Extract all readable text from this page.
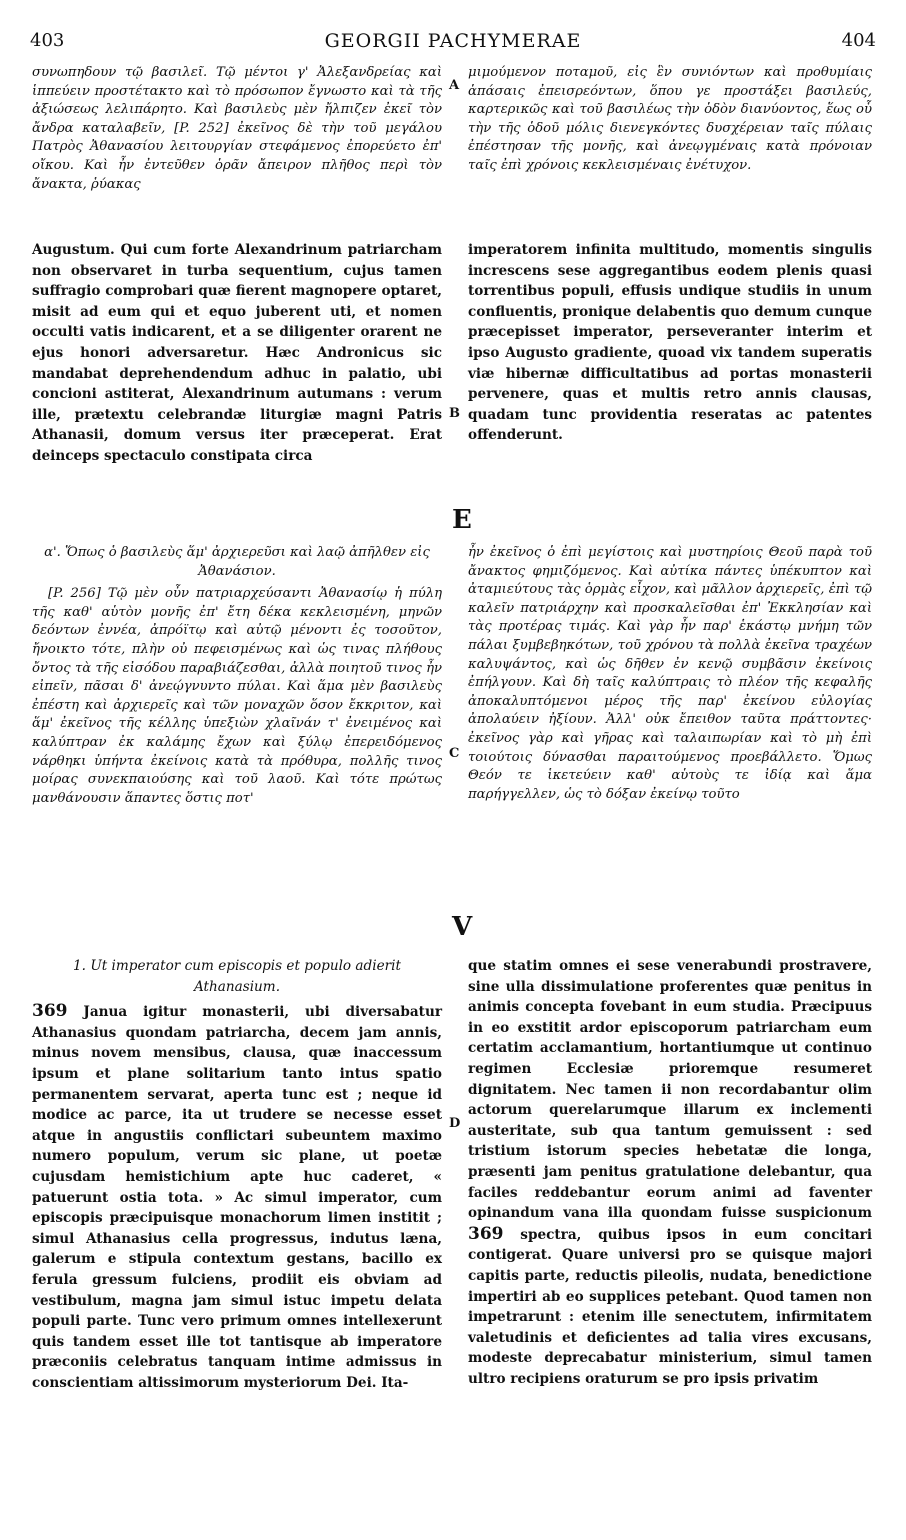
403	GEORGII PACHYMERAE	404

συνωπηδουν τῷ βασιλεῖ. Τῷ μέντοι γ' Ἀλεξανδρείας καὶ ἱππεύειν προστέτακτο καὶ τὸ πρόσωπον ἔγνωστο καὶ τὰ τῆς ἀξιώσεως λελιπάρητο. Καὶ βασιλεὺς μὲν ἤλπιζεν ἐκεῖ τὸν ἄνδρα καταλαβεῖν, [P. 252] ἐκεῖνος δὲ τὴν τοῦ μεγάλου Πατρὸς Ἀθανασίου λειτουργίαν στεφάμενος ἐπορεύετο ἐπ' οἴκου. Καὶ ἦν ἐντεῦθεν ὁρᾶν ἄπειρον πλῆθος περὶ τὸν ἄνακτα, ῥύακας

A

μιμούμενον ποταμοῦ, εἰς ἓν συνιόντων καὶ προθυμίαις ἁπάσαις ἐπεισρεόντων, ὅπου γε προστάξει βασιλεύς, καρτερικῶς καὶ τοῦ βασιλέως τὴν ὁδὸν διανύοντος, ἕως οὗ τὴν τῆς ὁδοῦ μόλις διενεγκόντες δυσχέρειαν ταῖς πύλαις ἐπέστησαν τῆς μονῆς, καὶ ἀνεῳγμέναις κατὰ πρόνοιαν ταῖς ἐπὶ χρόνοις κεκλεισμέναις ἐνέτυχον.

Augustum. Qui cum forte Alexandrinum patriarcham non observaret in turba sequentium, cujus tamen suffragio comprobari quæ fierent magnopere optaret, misit ad eum qui et equo juberent uti, et nomen occulti vatis indicarent, et a se diligenter orarent ne ejus honori adversaretur. Hæc Andronicus sic mandabat deprehendendum adhuc in palatio, ubi concioni astiterat, Alexandrinum autumans : verum ille, prætextu celebrandæ liturgiæ magni Patris Athanasii, domum versus iter præceperat. Erat deinceps spectaculo constipata circa

B

imperatorem infinita multitudo, momentis singulis increscens sese aggregantibus eodem plenis quasi torrentibus populi, effusis undique studiis in unum confluentis, pronique delabentis quo demum cunque præcepisset imperator, perseveranter interim et ipso Augusto gradiente, quoad vix tandem superatis viæ hibernæ difficultatibus ad portas monasterii pervenere, quas et multis retro annis clausas, quadam tunc providentia reseratas ac patentes offenderunt.

E

α'. Ὅπως ὁ βασιλεὺς ἅμ' ἀρχιερεῦσι καὶ λαῷ ἀπῆλθεν εἰς Ἀθανάσιον.

[P. 256] Τῷ μὲν οὖν πατριαρχεύσαντι Ἀθανασίῳ ἡ πύλη τῆς καθ' αὑτὸν μονῆς ἐπ' ἔτη δέκα κεκλεισμένη, μηνῶν δεόντων ἐννέα, ἀπρόϊτῳ καὶ αὐτῷ μένοντι ἐς τοσοῦτον, ἤνοικτο τότε, πλὴν οὐ πεφεισμένως καὶ ὡς τινας πλήθους ὄντος τὰ τῆς εἰσόδου παραβιάζεσθαι, ἀλλὰ ποιητοῦ τινος ἦν εἰπεῖν, πᾶσαι δ' ἀνεῴγνυντο πύλαι. Καὶ ἅμα μὲν βασιλεὺς ἐπέστη καὶ ἀρχιερεῖς καὶ τῶν μοναχῶν ὅσον ἔκκριτον, καὶ ἅμ' ἐκεῖνος τῆς κέλλης ὑπεξιὼν χλαῖνάν τ' ἐνειμένος καὶ καλύπτραν ἐκ καλάμης ἔχων καὶ ξύλῳ ἐπερειδόμενος νάρθηκι ὑπήντα ἐκείνοις κατὰ τὰ πρόθυρα, πολλῆς τινος μοίρας συνεκπαιούσης καὶ τοῦ λαοῦ. Καὶ τότε πρώτως μανθάνουσιν ἅπαντες ὅστις ποτ'

C

ἦν ἐκεῖνος ὁ ἐπὶ μεγίστοις καὶ μυστηρίοις Θεοῦ παρὰ τοῦ ἄνακτος φημιζόμενος. Καὶ αὐτίκα πάντες ὑπέκυπτον καὶ ἀταμιεύτους τὰς ὁρμὰς εἶχον, καὶ μᾶλλον ἀρχιερεῖς, ἐπὶ τῷ καλεῖν πατριάρχην καὶ προσκαλεῖσθαι ἐπ' Ἐκκλησίαν καὶ τὰς προτέρας τιμάς. Καὶ γὰρ ἦν παρ' ἑκάστῳ μνήμη τῶν πάλαι ξυμβεβηκότων, τοῦ χρόνου τὰ πολλὰ ἐκεῖνα τραχέων καλυψάντος, καὶ ὡς δῆθεν ἐν κενῷ συμβᾶσιν ἐκείνοις ἐπήλγουν. Καὶ δὴ ταῖς καλύπτραις τὸ πλέον τῆς κεφαλῆς ἀποκαλυπτόμενοι μέρος τῆς παρ' ἐκείνου εὐλογίας ἀπολαύειν ἠξίουν. Ἀλλ' οὐκ ἔπειθον ταῦτα πράττοντες· ἐκεῖνος γὰρ καὶ γῆρας καὶ ταλαιπωρίαν καὶ τὸ μὴ ἐπὶ τοιούτοις δύνασθαι παραιτούμενος προεβάλλετο. Ὅμως Θεόν τε ἱκετεύειν καθ' αὑτοὺς τε ἰδίᾳ καὶ ἅμα παρήγγελλεν, ὡς τὸ δόξαν ἐκείνῳ τοῦτο

V

1. Ut imperator cum episcopis et populo adierit Athanasium.

369 Janua igitur monasterii, ubi diversabatur Athanasius quondam patriarcha, decem jam annis, minus novem mensibus, clausa, quæ inaccessum ipsum et plane solitarium tanto intus spatio permanentem servarat, aperta tunc est ; neque id modice ac parce, ita ut trudere se necesse esset atque in angustiis conflictari subeuntem maximo numero populum, verum sic plane, ut poetæ cujusdam hemistichium apte huc caderet, « patuerunt ostia tota. » Ac simul imperator, cum episcopis præcipuisque monachorum limen institit ; simul Athanasius cella progressus, indutus læna, galerum e stipula contextum gestans, bacillo ex ferula gressum fulciens, prodiit eis obviam ad vestibulum, magna jam simul istuc impetu delata populi parte. Tunc vero primum omnes intellexerunt quis tandem esset ille tot tantisque ab imperatore præconiis celebratus tanquam intime admissus in conscientiam altissimorum mysteriorum Dei. Ita-

D

que statim omnes ei sese venerabundi prostravere, sine ulla dissimulatione proferentes quæ penitus in animis concepta fovebant in eum studia. Præcipuus in eo exstitit ardor episcoporum patriarcham eum certatim acclamantium, hortantiumque ut continuo regimen Ecclesiæ prioremque resumeret dignitatem. Nec tamen ii non recordabantur olim actorum querelarumque illarum ex inclementi austeritate, sub qua tantum gemuissent : sed tristium istorum species hebetatæ die longa, præsenti jam penitus gratulatione delebantur, qua faciles reddebantur eorum animi ad faventer opinandum vana illa quondam fuisse suspicionum 369 spectra, quibus ipsos in eum concitari contigerat. Quare universi pro se quisque majori capitis parte, reductis pileolis, nudata, benedictione impertiri ab eo supplices petebant. Quod tamen non impetrarunt : etenim ille senectutem, infirmitatem valetudinis et deficientes ad talia vires excusans, modeste deprecabatur ministerium, simul tamen ultro recipiens oraturum se pro ipsis privatim
